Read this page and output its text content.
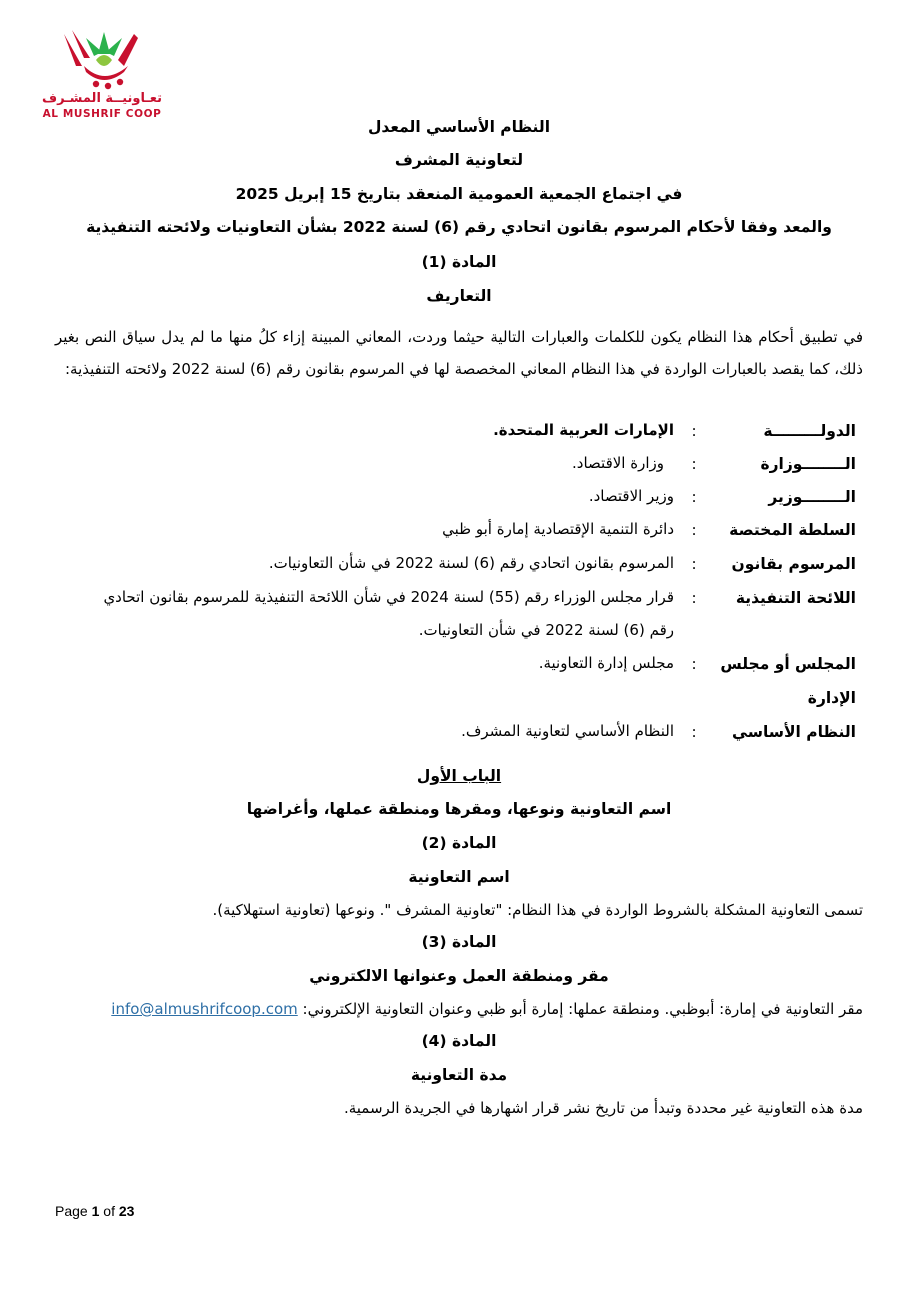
تعـاونيــة المشـرف
AL MUSHRIF COOP
النظام الأساسي المعدل
لتعاونية المشرف
في اجتماع الجمعية العمومية المنعقد بتاريخ 15 إبريل 2025
والمعد وفقا لأحكام المرسوم بقانون اتحادي رقم (6) لسنة 2022 بشأن التعاونيات ولائحته التنفيذية
المادة (1)
التعاريف
في تطبيق أحكام هذا النظام يكون للكلمات والعبارات التالية حيثما وردت، المعاني المبينة إزاء كلُ منها ما لم يدل سياق النص بغير ذلك، كما يقصد بالعبارات الواردة في هذا النظام المعاني المخصصة لها في المرسوم بقانون رقم (6) لسنة 2022 ولائحته التنفيذية:
الدولـــــــــة
:
الإمارات العربية المتحدة.
الــــــــوزارة
:
وزارة الاقتصاد.
الــــــــوزير
:
وزير الاقتصاد.
السلطة المختصة
:
دائرة التنمية الإقتصادية إمارة أبو ظبي
المرسوم بقانون
:
المرسوم بقانون اتحادي رقم (6) لسنة 2022 في شأن التعاونيات.
اللائحة التنفيذية
:
قرار مجلس الوزراء رقم (55) لسنة 2024 في شأن اللائحة التنفيذية للمرسوم بقانون اتحادي رقم (6) لسنة 2022 في شأن التعاونيات.
المجلس أو مجلس
الإدارة
:
مجلس إدارة التعاونية.
النظام الأساسي
:
النظام الأساسي لتعاونية المشرف.
الباب الأول
اسم التعاونية ونوعها، ومقرها ومنطقة عملها، وأغراضها
المادة (2)
اسم التعاونية
تسمى التعاونية المشكلة بالشروط الواردة في هذا النظام: "تعاونية المشرف ". ونوعها (تعاونية استهلاكية).
المادة (3)
مقر ومنطقة العمل وعنوانها الالكتروني
مقر التعاونية في إمارة: أبوظبي. ومنطقة عملها: إمارة أبو ظبي وعنوان التعاونية الإلكتروني: info@almushrifcoop.com
المادة (4)
مدة التعاونية
مدة هذه التعاونية غير محددة وتبدأ من تاريخ نشر قرار اشهارها في الجريدة الرسمية.
Page 1 of 23
